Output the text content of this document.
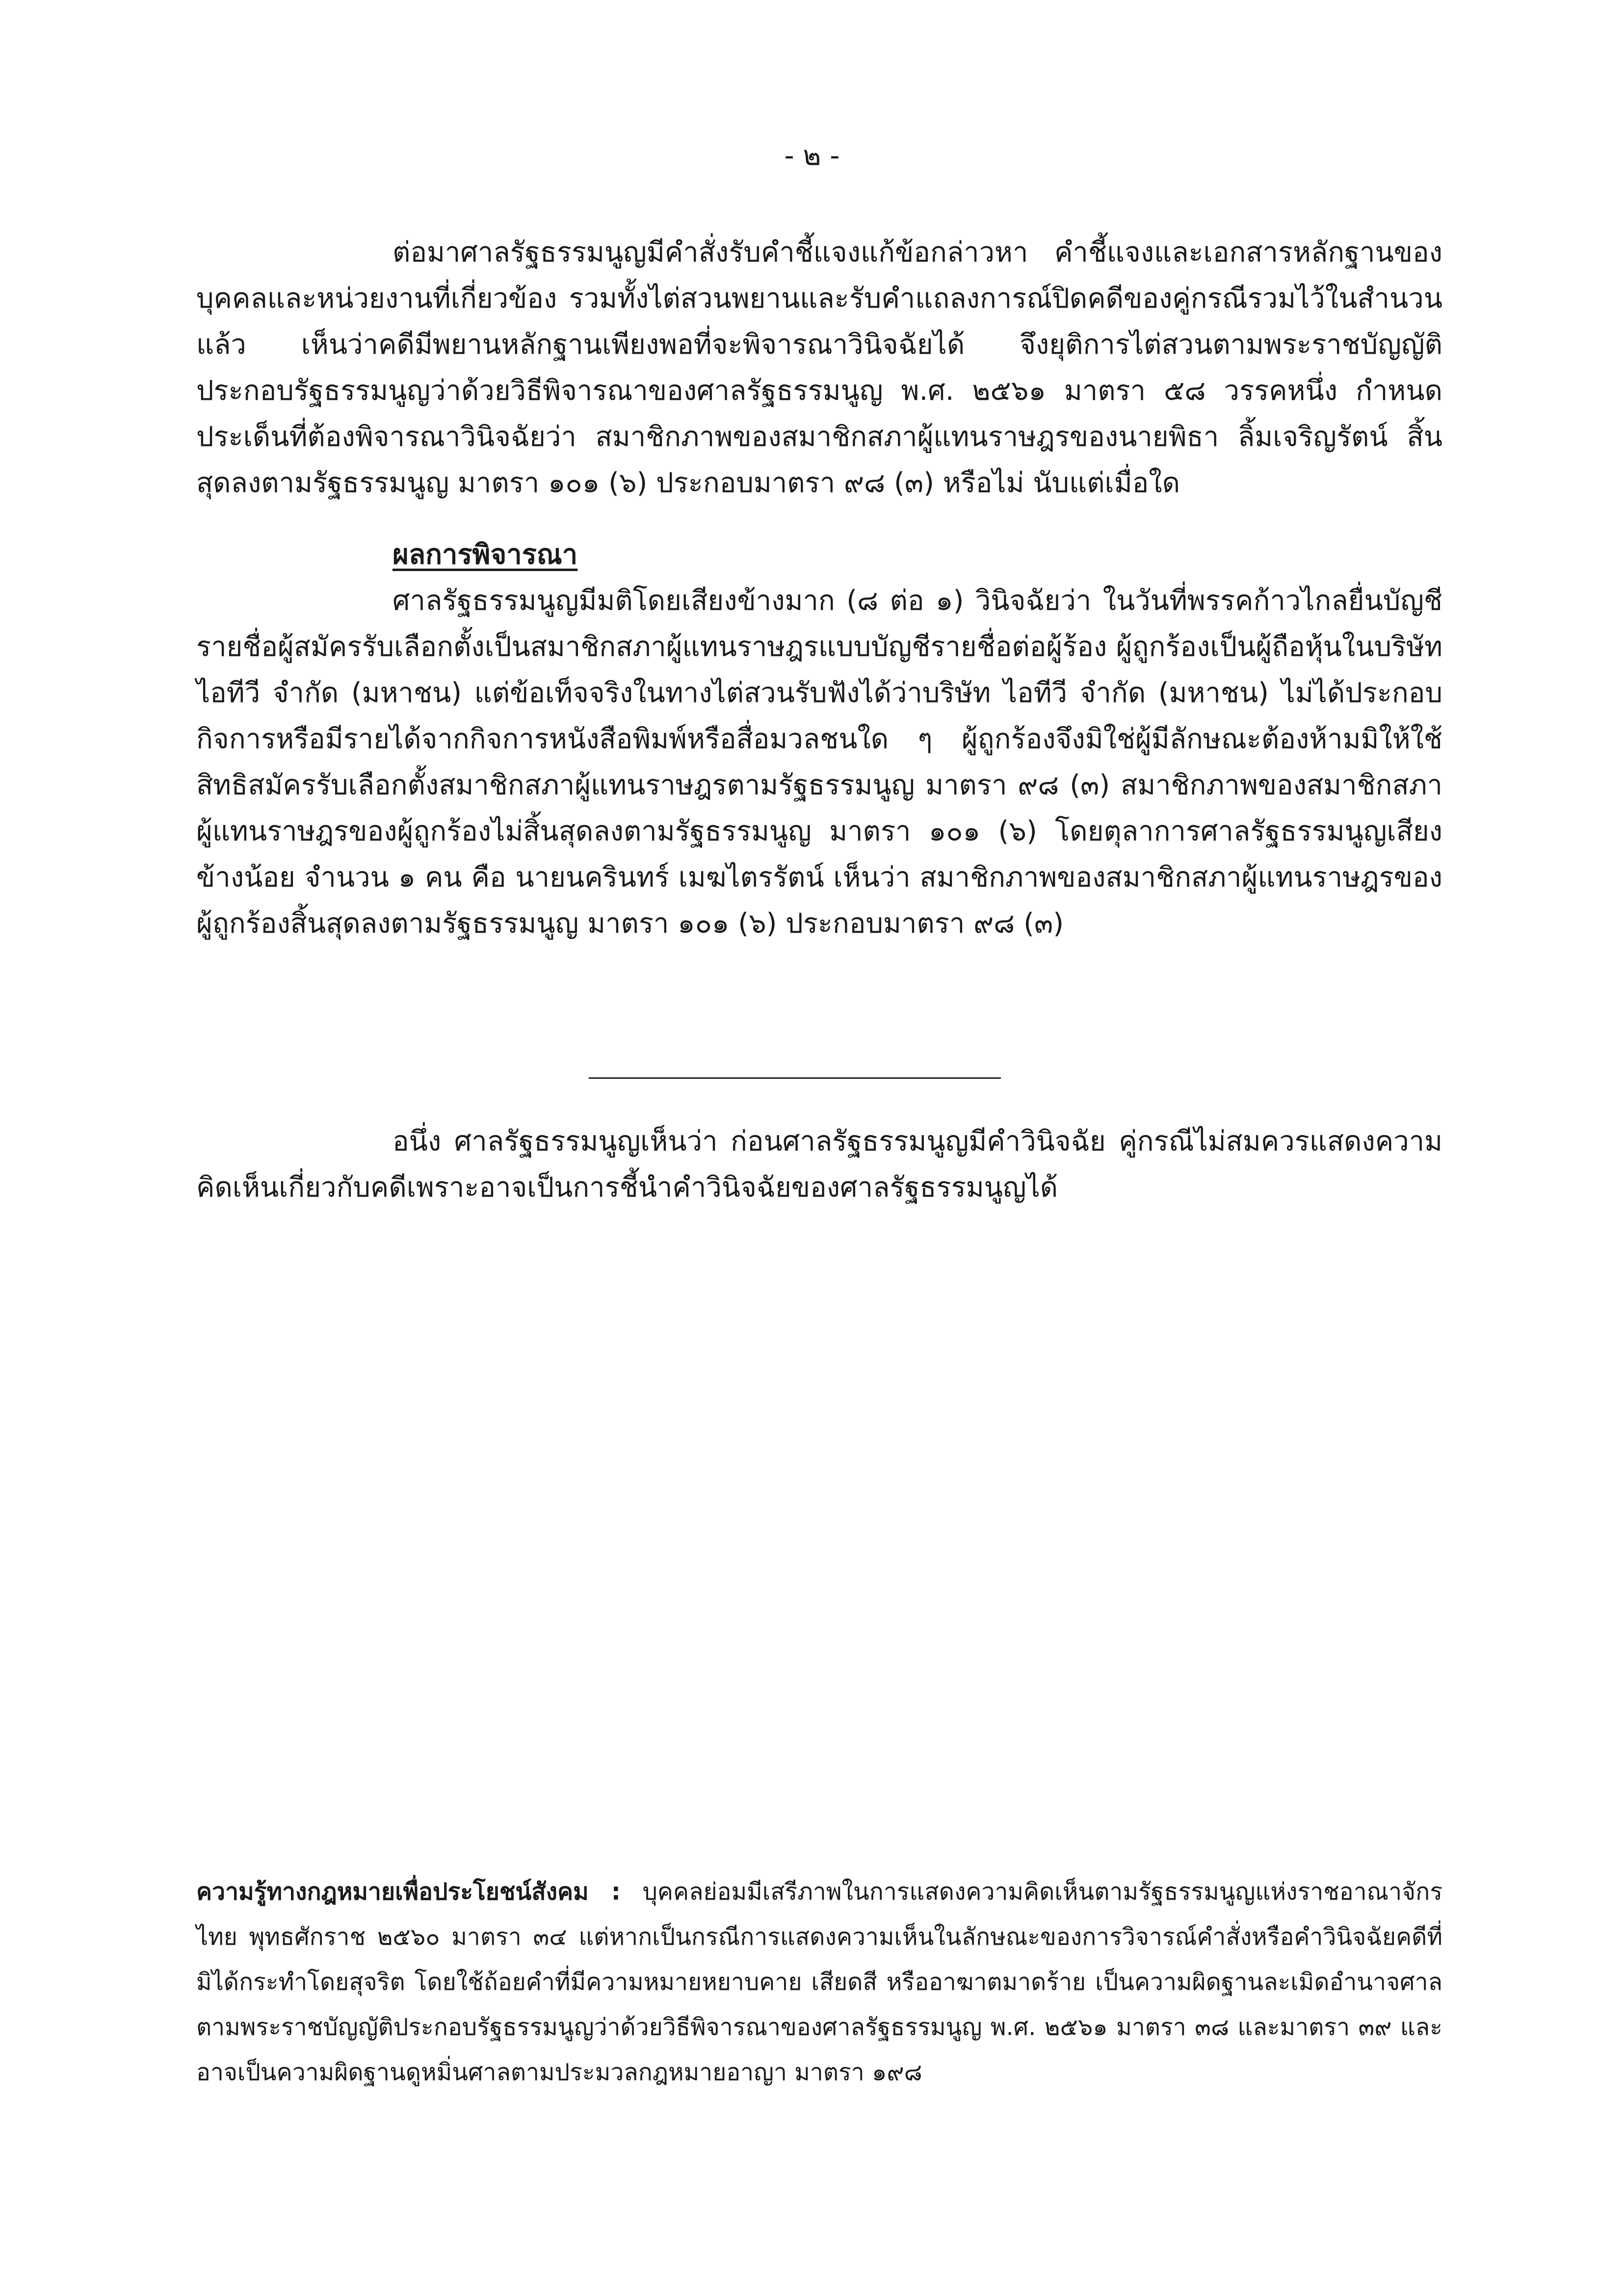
- ๒ -

ต่อมาศาลรัฐธรรมนูญมีคำสั่งรับคำชี้แจงแก้ข้อกล่าวหา คำชี้แจงและเอกสารหลักฐานของบุคคลและหน่วยงานที่เกี่ยวข้อง รวมทั้งไต่สวนพยานและรับคำแถลงการณ์ปิดคดีของคู่กรณีรวมไว้ในสำนวนแล้ว เห็นว่าคดีมีพยานหลักฐานเพียงพอที่จะพิจารณาวินิจฉัยได้ จึงยุติการไต่สวนตามพระราชบัญญัติประกอบรัฐธรรมนูญว่าด้วยวิธีพิจารณาของศาลรัฐธรรมนูญ พ.ศ. ๒๕๖๑ มาตรา ๕๘ วรรคหนึ่ง กำหนดประเด็นที่ต้องพิจารณาวินิจฉัยว่า สมาชิกภาพของสมาชิกสภาผู้แทนราษฎรของนายพิธา ลิ้มเจริญรัตน์ สิ้นสุดลงตามรัฐธรรมนูญ มาตรา ๑๐๑ (๖) ประกอบมาตรา ๙๘ (๓) หรือไม่ นับแต่เมื่อใด

ผลการพิจารณา

ศาลรัฐธรรมนูญมีมติโดยเสียงข้างมาก (๘ ต่อ ๑) วินิจฉัยว่า ในวันที่พรรคก้าวไกลยื่นบัญชีรายชื่อผู้สมัครรับเลือกตั้งเป็นสมาชิกสภาผู้แทนราษฎรแบบบัญชีรายชื่อต่อผู้ร้อง ผู้ถูกร้องเป็นผู้ถือหุ้นในบริษัท ไอทีวี จำกัด (มหาชน) แต่ข้อเท็จจริงในทางไต่สวนรับฟังได้ว่าบริษัท ไอทีวี จำกัด (มหาชน) ไม่ได้ประกอบกิจการหรือมีรายได้จากกิจการหนังสือพิมพ์หรือสื่อมวลชนใด ๆ ผู้ถูกร้องจึงมิใช่ผู้มีลักษณะต้องห้ามมิให้ใช้สิทธิสมัครรับเลือกตั้งสมาชิกสภาผู้แทนราษฎรตามรัฐธรรมนูญ มาตรา ๙๘ (๓) สมาชิกภาพของสมาชิกสภาผู้แทนราษฎรของผู้ถูกร้องไม่สิ้นสุดลงตามรัฐธรรมนูญ มาตรา ๑๐๑ (๖) โดยตุลาการศาลรัฐธรรมนูญเสียงข้างน้อย จำนวน ๑ คน คือ นายนครินทร์ เมฆไตรรัตน์ เห็นว่า สมาชิกภาพของสมาชิกสภาผู้แทนราษฎรของผู้ถูกร้องสิ้นสุดลงตามรัฐธรรมนูญ มาตรา ๑๐๑ (๖) ประกอบมาตรา ๙๘ (๓)

อนึ่ง ศาลรัฐธรรมนูญเห็นว่า ก่อนศาลรัฐธรรมนูญมีคำวินิจฉัย คู่กรณีไม่สมควรแสดงความคิดเห็นเกี่ยวกับคดีเพราะอาจเป็นการชี้นำคำวินิจฉัยของศาลรัฐธรรมนูญได้

ความรู้ทางกฎหมายเพื่อประโยชน์สังคม : บุคคลย่อมมีเสรีภาพในการแสดงความคิดเห็นตามรัฐธรรมนูญแห่งราชอาณาจักรไทย พุทธศักราช ๒๕๖๐ มาตรา ๓๔ แต่หากเป็นกรณีการแสดงความเห็นในลักษณะของการวิจารณ์คำสั่งหรือคำวินิจฉัยคดีที่มิได้กระทำโดยสุจริต โดยใช้ถ้อยคำที่มีความหมายหยาบคาย เสียดสี หรืออาฆาตมาดร้าย เป็นความผิดฐานละเมิดอำนาจศาลตามพระราชบัญญัติประกอบรัฐธรรมนูญว่าด้วยวิธีพิจารณาของศาลรัฐธรรมนูญ พ.ศ. ๒๕๖๑ มาตรา ๓๘ และมาตรา ๓๙ และอาจเป็นความผิดฐานดูหมิ่นศาลตามประมวลกฎหมายอาญา มาตรา ๑๙๘
